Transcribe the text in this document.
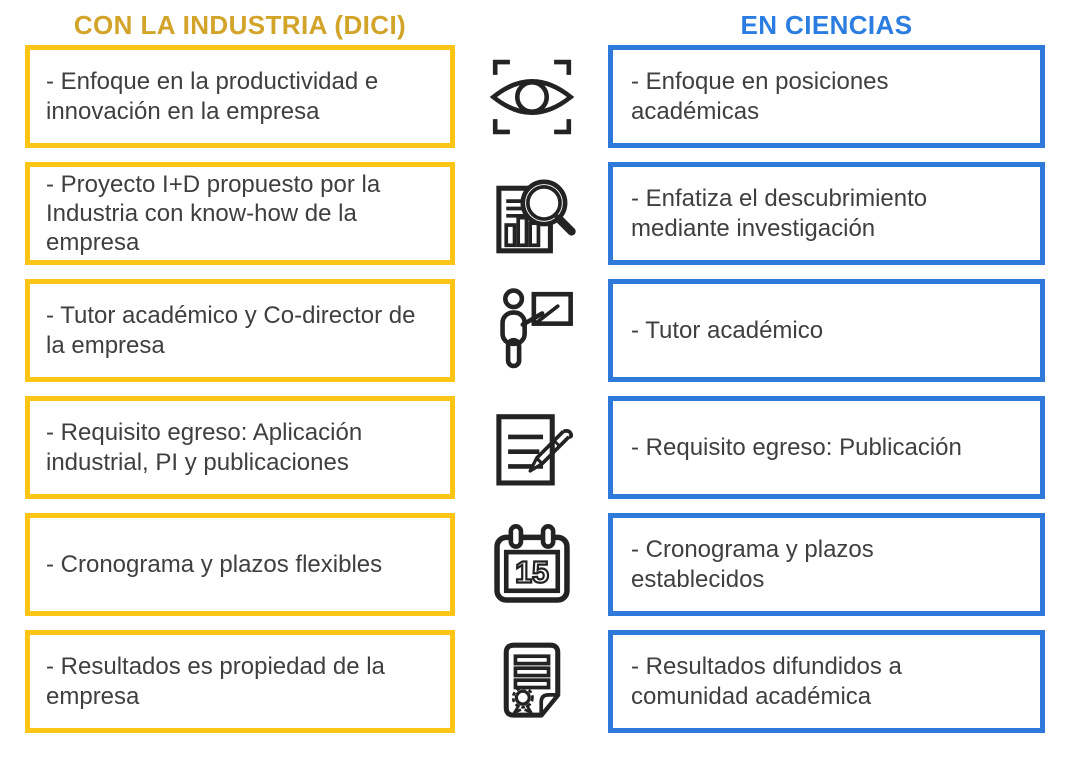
CON LA INDUSTRIA (DICI)	EN CIENCIAS

- Enfoque en la productividad e innovación en la empresa

- Enfoque en posiciones académicas

- Proyecto I+D propuesto por la Industria con know-how de la empresa

- Enfatiza el descubrimiento mediante investigación

- Tutor académico y Co-director de la empresa

- Tutor académico

- Requisito egreso: Aplicación industrial, PI y publicaciones

- Requisito egreso: Publicación

- Cronograma y plazos flexibles	15

- Cronograma y plazos establecidos

- Resultados es propiedad de la empresa

- Resultados difundidos a comunidad académica
